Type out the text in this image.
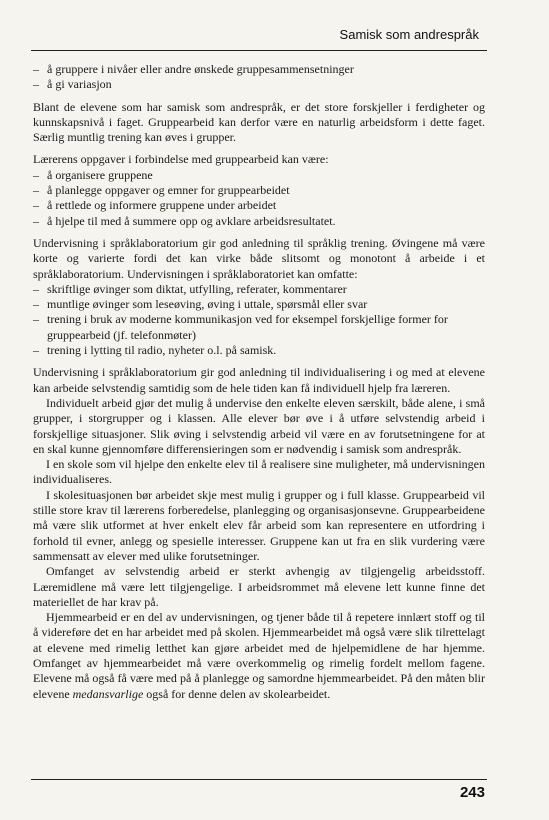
Samisk som andrespråk
– å gruppere i nivåer eller andre ønskede gruppesammensetninger
– å gi variasjon

Blant de elevene som har samisk som andrespråk, er det store forskjeller i ferdigheter og kunnskapsnivå i faget. Gruppearbeid kan derfor være en naturlig arbeidsform i dette faget. Særlig muntlig trening kan øves i grupper.

Lærerens oppgaver i forbindelse med gruppearbeid kan være:

– å organisere gruppene
– å planlegge oppgaver og emner for gruppearbeidet
– å rettlede og informere gruppene under arbeidet
– å hjelpe til med å summere opp og avklare arbeidsresultatet.

Undervisning i språklaboratorium gir god anledning til språklig trening. Øvingene må være korte og varierte fordi det kan virke både slitsomt og monotont å arbeide i et språklaboratorium. Undervisningen i språklaboratoriet kan omfatte:

– skriftlige øvinger som diktat, utfylling, referater, kommentarer
– muntlige øvinger som leseøving, øving i uttale, spørsmål eller svar
– trening i bruk av moderne kommunikasjon ved for eksempel forskjellige former for gruppearbeid (jf. telefonmøter)
– trening i lytting til radio, nyheter o.l. på samisk.

Undervisning i språklaboratorium gir god anledning til individualisering i og med at elevene kan arbeide selvstendig samtidig som de hele tiden kan få individuell hjelp fra læreren.

Individuelt arbeid gjør det mulig å undervise den enkelte eleven særskilt, både alene, i små grupper, i storgrupper og i klassen. Alle elever bør øve i å utføre selvstendig arbeid i forskjellige situasjoner. Slik øving i selvstendig arbeid vil være en av forutsetningene for at en skal kunne gjennomføre differensieringen som er nødvendig i samisk som andrespråk.

I en skole som vil hjelpe den enkelte elev til å realisere sine muligheter, må undervisningen individualiseres.

I skolesituasjonen bør arbeidet skje mest mulig i grupper og i full klasse. Gruppearbeid vil stille store krav til lærerens forberedelse, planlegging og organisasjonsevne. Gruppearbeidene må være slik utformet at hver enkelt elev får arbeid som kan representere en utfordring i forhold til evner, anlegg og spesielle interesser. Gruppene kan ut fra en slik vurdering være sammensatt av elever med ulike forutsetninger.

Omfanget av selvstendig arbeid er sterkt avhengig av tilgjengelig arbeidsstoff. Læremidlene må være lett tilgjengelige. I arbeidsrommet må elevene lett kunne finne det materiellet de har krav på.

Hjemmearbeid er en del av undervisningen, og tjener både til å repetere innlært stoff og til å videreføre det en har arbeidet med på skolen. Hjemmearbeidet må også være slik tilrettelagt at elevene med rimelig letthet kan gjøre arbeidet med de hjelpemidlene de har hjemme. Omfanget av hjemmearbeidet må være overkommelig og rimelig fordelt mellom fagene. Elevene må også få være med på å planlegge og samordne hjemmearbeidet. På den måten blir elevene medansvarlige også for denne delen av skolearbeidet.

243
